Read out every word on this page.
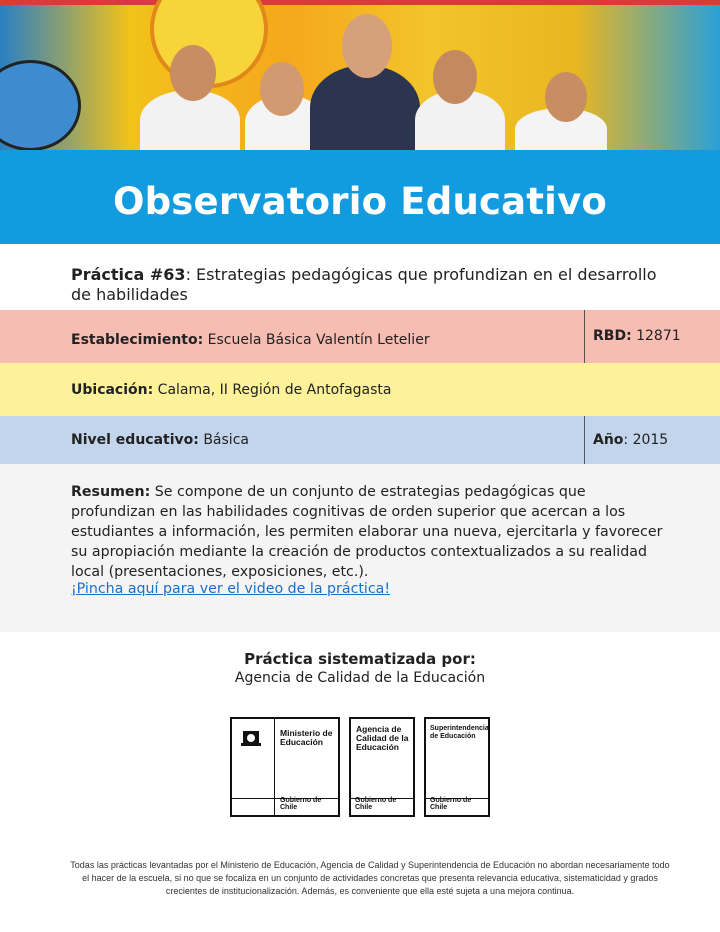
Observatorio Educativo
Práctica #63: Estrategias pedagógicas que profundizan en el desarrollo de habilidades
Establecimiento: Escuela Básica Valentín Letelier	RBD: 12871
Ubicación: Calama, II Región de Antofagasta
Nivel educativo: Básica	Año: 2015
Resumen: Se compone de un conjunto de estrategias pedagógicas que profundizan en las habilidades cognitivas de orden superior que acercan a los estudiantes a información, les permiten elaborar una nueva, ejercitarla y favorecer su apropiación mediante la creación de productos contextualizados a su realidad local (presentaciones, exposiciones, etc.).
¡Pincha aquí para ver el video de la práctica!
Práctica sistematizada por:
Agencia de Calidad de la Educación
Ministerio de Educación
Gobierno de Chile
Agencia de Calidad de la Educación
Gobierno de Chile
Superintendencia de Educación
Gobierno de Chile
Todas las prácticas levantadas por el Ministerio de Educación, Agencia de Calidad y Superintendencia de Educación no abordan necesariamente todo el hacer de la escuela, si no que se focaliza en un conjunto de actividades concretas que presenta relevancia educativa, sistematicidad y grados crecientes de institucionalización. Además, es conveniente que ella esté sujeta a una mejora continua.
